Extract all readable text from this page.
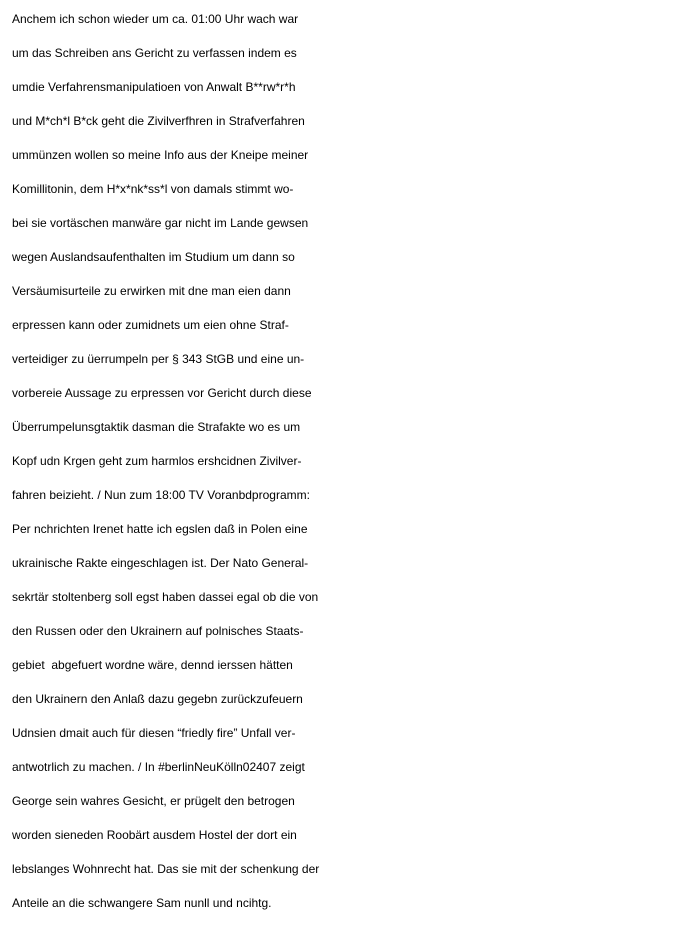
Anchem ich schon wieder um ca. 01:00 Uhr wach war
um das Schreiben ans Gericht zu verfassen indem es
umdie Verfahrensmanipulatioen von Anwalt B**rw*r*h
und M*ch*l B*ck geht die Zivilverfhren in Strafverfahren
ummünzen wollen so meine Info aus der Kneipe meiner
Komillitonin, dem H*x*nk*ss*l von damals stimmt wo-
bei sie vortäschen manwäre gar nicht im Lande gewsen
wegen Auslandsaufenthalten im Studium um dann so
Versäumisurteile zu erwirken mit dne man eien dann
erpressen kann oder zumidnets um eien ohne Straf-
verteidiger zu üerrumpeln per § 343 StGB und eine un-
vorbereie Aussage zu erpressen vor Gericht durch diese
Überrumpelunsgtaktik dasman die Strafakte wo es um
Kopf udn Krgen geht zum harmlos ershcidnen Zivilver-
fahren beizieht. / Nun zum 18:00 TV Voranbdprogramm:
Per nchrichten Irenet hatte ich egslen daß in Polen eine
ukrainische Rakte eingeschlagen ist. Der Nato General-
sekrtär stoltenberg soll egst haben dassei egal ob die von
den Russen oder den Ukrainern auf polnisches Staats-
gebiet  abgefuert wordne wäre, dennd ierssen hätten
den Ukrainern den Anlaß dazu gegebn zurückzufeuern
Udnsien dmait auch für diesen “friedly fire” Unfall ver-
antwotrlich zu machen. / In #berlinNeuKölln02407 zeigt
George sein wahres Gesicht, er prügelt den betrogen
worden sieneden Roobärt ausdem Hostel der dort ein
lebslanges Wohnrecht hat. Das sie mit der schenkung der
Anteile an die schwangere Sam nunll und ncihtg.
